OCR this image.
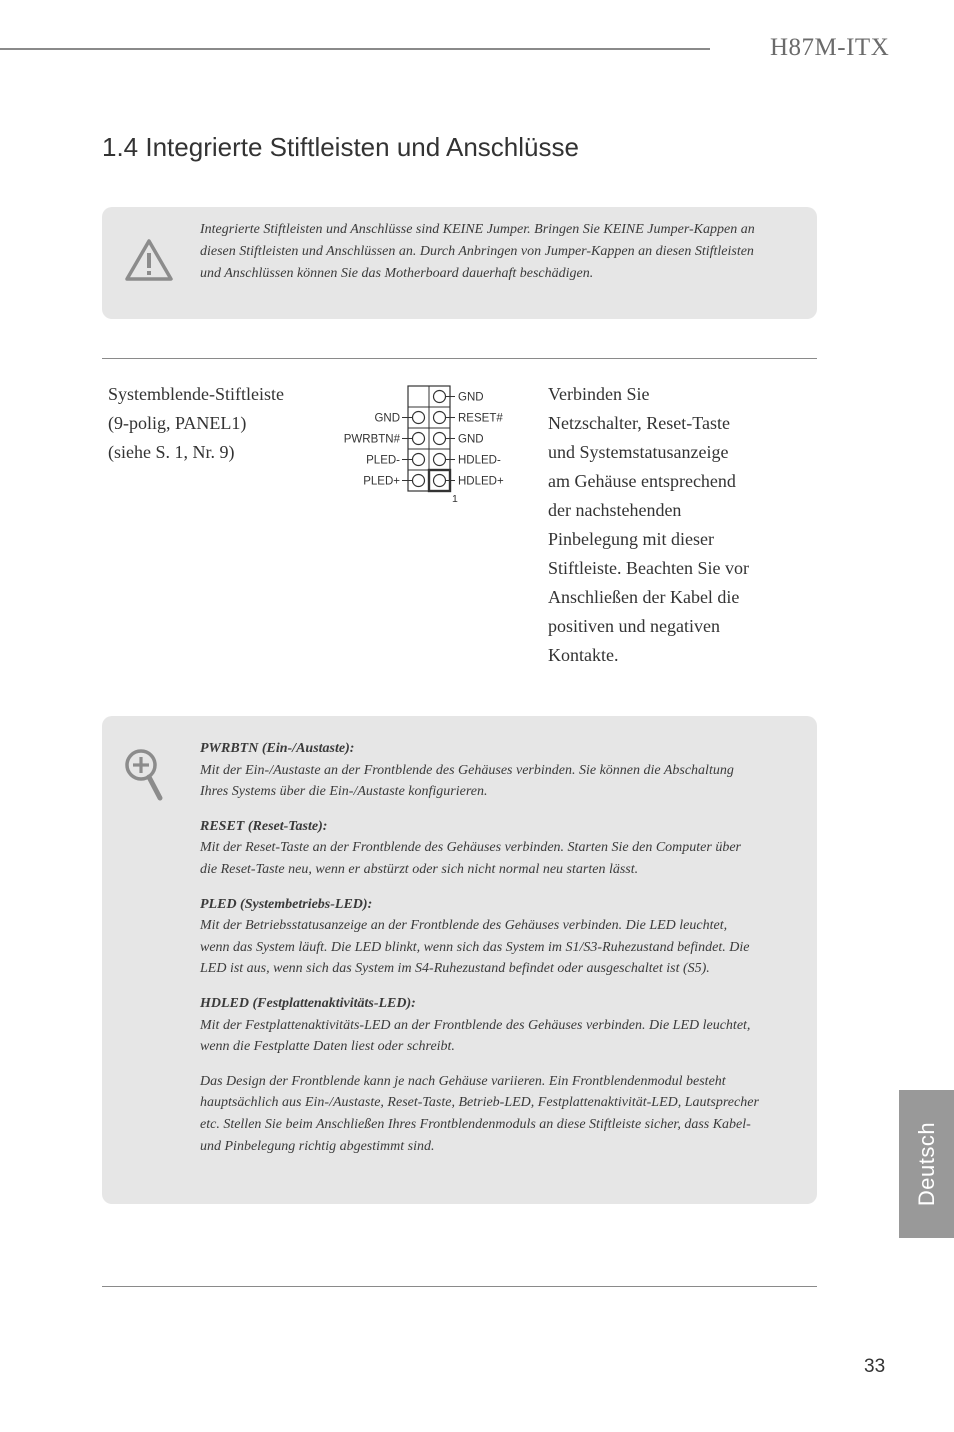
H87M-ITX
1.4 Integrierte Stiftleisten und Anschlüsse

Integrierte Stiftleisten und Anschlüsse sind KEINE Jumper. Bringen Sie KEINE Jumper-Kappen an diesen Stiftleisten und Anschlüssen an. Durch Anbringen von Jumper-Kappen an diesen Stiftleisten und Anschlüssen können Sie das Motherboard dauerhaft beschädigen.

Systemblende-Stiftleiste
(9-polig, PANEL1)
(siehe S. 1, Nr. 9)
GND
PWRBTN#
PLED-
PLED+
GND
RESET#
GND
HDLED-
HDLED+
1
Verbinden Sie
Netzschalter, Reset-Taste
und Systemstatusanzeige
am Gehäuse entsprechend
der nachstehenden
Pinbelegung mit dieser
Stiftleiste. Beachten Sie vor
Anschließen der Kabel die
positiven und negativen
Kontakte.

PWRBTN (Ein-/Austaste):
Mit der Ein-/Austaste an der Frontblende des Gehäuses verbinden. Sie können die Abschaltung Ihres Systems über die Ein-/Austaste konfigurieren.

RESET (Reset-Taste):
Mit der Reset-Taste an der Frontblende des Gehäuses verbinden. Starten Sie den Computer über die Reset-Taste neu, wenn er abstürzt oder sich nicht normal neu starten lässt.

PLED (Systembetriebs-LED):
Mit der Betriebsstatusanzeige an der Frontblende des Gehäuses verbinden. Die LED leuchtet, wenn das System läuft. Die LED blinkt, wenn sich das System im S1/S3-Ruhezustand befindet. Die LED ist aus, wenn sich das System im S4-Ruhezustand befindet oder ausgeschaltet ist (S5).

HDLED (Festplattenaktivitäts-LED):
Mit der Festplattenaktivitäts-LED an der Frontblende des Gehäuses verbinden. Die LED leuchtet, wenn die Festplatte Daten liest oder schreibt.

Das Design der Frontblende kann je nach Gehäuse variieren. Ein Frontblendenmodul besteht hauptsächlich aus Ein-/Austaste, Reset-Taste, Betrieb-LED, Festplattenaktivität-LED, Lautsprecher etc. Stellen Sie beim Anschließen Ihres Frontblendenmoduls an diese Stiftleiste sicher, dass Kabel- und Pinbelegung richtig abgestimmt sind.	Deutsch
33
